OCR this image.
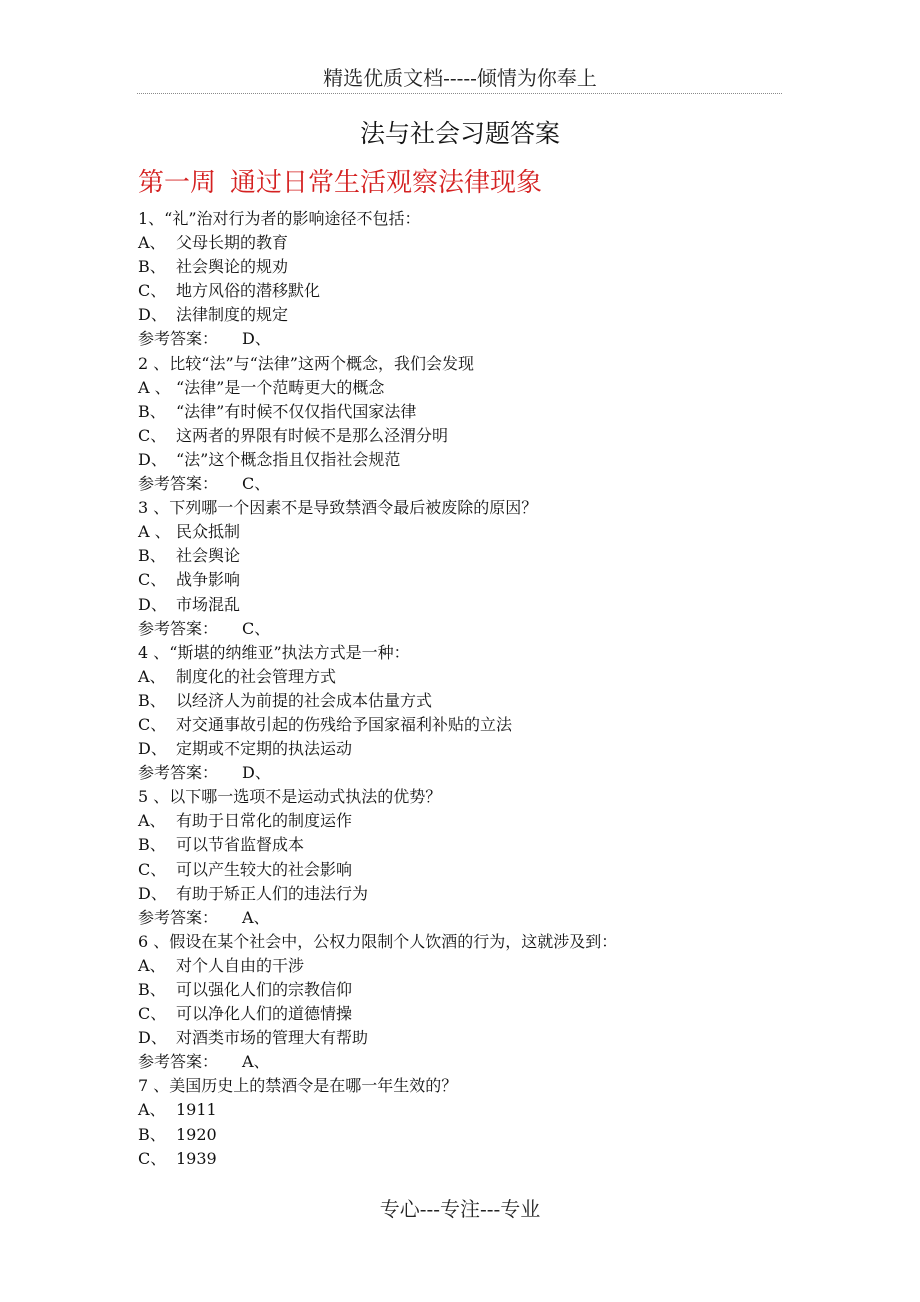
精选优质文档-----倾情为你奉上
法与社会习题答案
第一周 通过日常生活观察法律现象
1、“礼”治对行为者的影响途径不包括：
A、 父母长期的教育
B、 社会舆论的规劝
C、 地方风俗的潜移默化
D、 法律制度的规定
参考答案： D、
2 、比较“法”与“法律”这两个概念，我们会发现
A 、 “法律”是一个范畴更大的概念
B、 “法律”有时候不仅仅指代国家法律
C、 这两者的界限有时候不是那么泾渭分明
D、 “法”这个概念指且仅指社会规范
参考答案： C、
3 、下列哪一个因素不是导致禁酒令最后被废除的原因？
A 、 民众抵制
B、 社会舆论
C、 战争影响
D、 市场混乱
参考答案： C、
4 、“斯堪的纳维亚”执法方式是一种：
A、 制度化的社会管理方式
B、 以经济人为前提的社会成本估量方式
C、 对交通事故引起的伤残给予国家福利补贴的立法
D、 定期或不定期的执法运动
参考答案： D、
5 、以下哪一选项不是运动式执法的优势？
A、 有助于日常化的制度运作
B、 可以节省监督成本
C、 可以产生较大的社会影响
D、 有助于矫正人们的违法行为
参考答案： A、
6 、假设在某个社会中，公权力限制个人饮酒的行为，这就涉及到：
A、 对个人自由的干涉
B、 可以强化人们的宗教信仰
C、 可以净化人们的道德情操
D、 对酒类市场的管理大有帮助
参考答案： A、
7 、美国历史上的禁酒令是在哪一年生效的？
A、 1911
B、 1920
C、 1939
专心---专注---专业
